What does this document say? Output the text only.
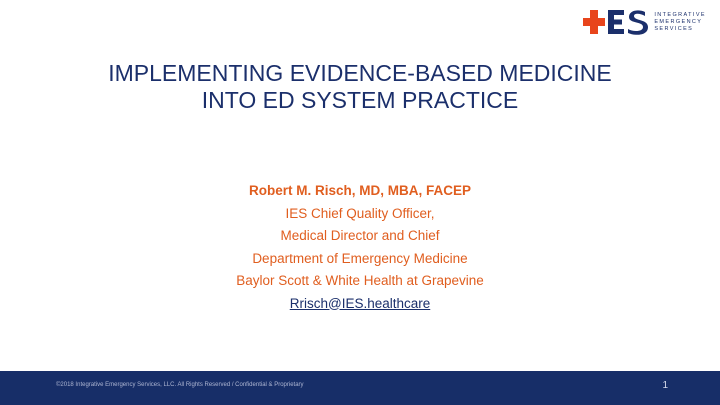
INTEGRATIVE
EMERGENCY
SERVICES
IMPLEMENTING EVIDENCE-BASED MEDICINE
INTO ED SYSTEM PRACTICE
Robert M. Risch, MD, MBA, FACEP
IES Chief Quality Officer,
Medical Director and Chief
Department of Emergency Medicine
Baylor Scott & White Health at Grapevine
Rrisch@IES.healthcare
©2018 Integrative Emergency Services, LLC. All Rights Reserved / Confidential & Proprietary	1
